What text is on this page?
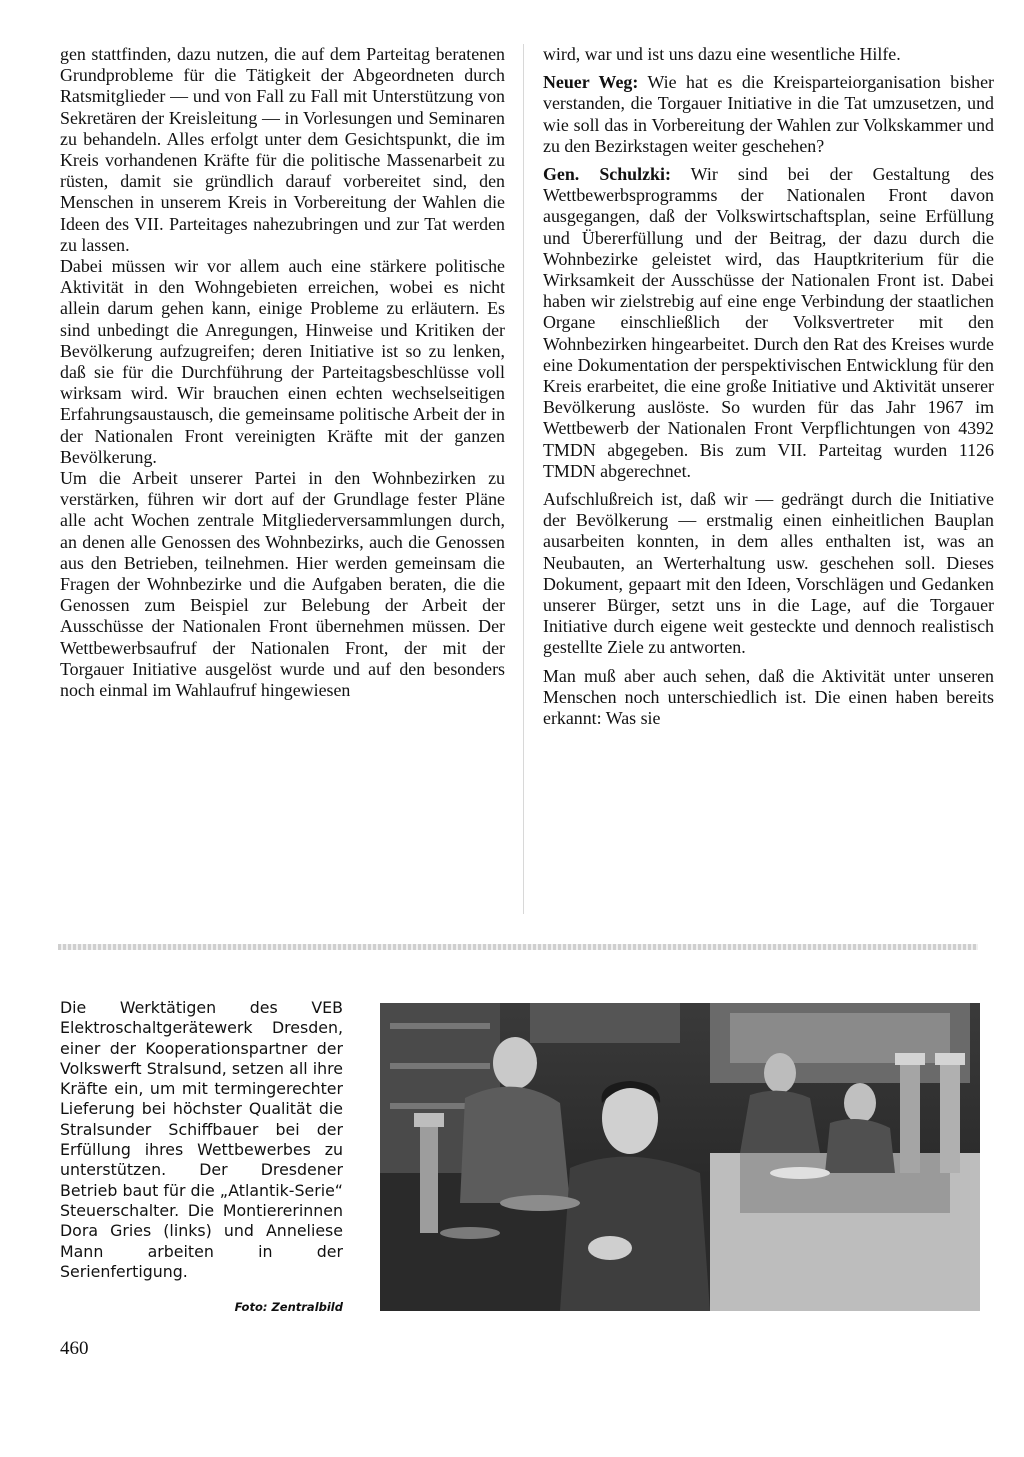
gen stattfinden, dazu nutzen, die auf dem Parteitag beratenen Grundprobleme für die Tätigkeit der Abgeordneten durch Ratsmitglieder — und von Fall zu Fall mit Unterstützung von Sekretären der Kreisleitung — in Vorlesungen und Seminaren zu behandeln. Alles erfolgt unter dem Gesichtspunkt, die im Kreis vorhandenen Kräfte für die politische Massenarbeit zu rüsten, damit sie gründlich darauf vorbereitet sind, den Menschen in unserem Kreis in Vorbereitung der Wahlen die Ideen des VII. Parteitages nahezubringen und zur Tat werden zu lassen.

Dabei müssen wir vor allem auch eine stärkere politische Aktivität in den Wohngebieten erreichen, wobei es nicht allein darum gehen kann, einige Probleme zu erläutern. Es sind unbedingt die Anregungen, Hinweise und Kritiken der Bevölkerung aufzugreifen; deren Initiative ist so zu lenken, daß sie für die Durchführung der Parteitagsbeschlüsse voll wirksam wird. Wir brauchen einen echten wechselseitigen Erfahrungsaustausch, die gemeinsame politische Arbeit der in der Nationalen Front vereinigten Kräfte mit der ganzen Bevölkerung.

Um die Arbeit unserer Partei in den Wohnbezirken zu verstärken, führen wir dort auf der Grundlage fester Pläne alle acht Wochen zentrale Mitgliederversammlungen durch, an denen alle Genossen des Wohnbezirks, auch die Genossen aus den Betrieben, teilnehmen. Hier werden gemeinsam die Fragen der Wohnbezirke und die Aufgaben beraten, die die Genossen zum Beispiel zur Belebung der Arbeit der Ausschüsse der Nationalen Front übernehmen müssen. Der Wettbewerbsaufruf der Nationalen Front, der mit der Torgauer Initiative ausgelöst wurde und auf den besonders noch einmal im Wahlaufruf hingewiesen

wird, war und ist uns dazu eine wesentliche Hilfe.

Neuer Weg: Wie hat es die Kreisparteiorganisation bisher verstanden, die Torgauer Initiative in die Tat umzusetzen, und wie soll das in Vorbereitung der Wahlen zur Volkskammer und zu den Bezirkstagen weiter geschehen?

Gen. Schulzki: Wir sind bei der Gestaltung des Wettbewerbsprogramms der Nationalen Front davon ausgegangen, daß der Volkswirtschaftsplan, seine Erfüllung und Übererfüllung und der Beitrag, der dazu durch die Wohnbezirke geleistet wird, das Hauptkriterium für die Wirksamkeit der Ausschüsse der Nationalen Front ist. Dabei haben wir zielstrebig auf eine enge Verbindung der staatlichen Organe einschließlich der Volksvertreter mit den Wohnbezirken hingearbeitet. Durch den Rat des Kreises wurde eine Dokumentation der perspektivischen Entwicklung für den Kreis erarbeitet, die eine große Initiative und Aktivität unserer Bevölkerung auslöste. So wurden für das Jahr 1967 im Wettbewerb der Nationalen Front Verpflichtungen von 4392 TMDN abgegeben. Bis zum VII. Parteitag wurden 1126 TMDN abgerechnet.

Aufschlußreich ist, daß wir — gedrängt durch die Initiative der Bevölkerung — erstmalig einen einheitlichen Bauplan ausarbeiten konnten, in dem alles enthalten ist, was an Neubauten, an Werterhaltung usw. geschehen soll. Dieses Dokument, gepaart mit den Ideen, Vorschlägen und Gedanken unserer Bürger, setzt uns in die Lage, auf die Torgauer Initiative durch eigene weit gesteckte und dennoch realistisch gestellte Ziele zu antworten.

Man muß aber auch sehen, daß die Aktivität unter unseren Menschen noch unterschiedlich ist. Die einen haben bereits erkannt: Was sie

Die Werktätigen des VEB Elektroschaltgerätewerk Dresden, einer der Kooperationspartner der Volkswerft Stralsund, setzen all ihre Kräfte ein, um mit termingerechter Lieferung bei höchster Qualität die Stralsunder Schiffbauer bei der Erfüllung ihres Wettbewerbes zu unterstützen. Der Dresdener Betrieb baut für die „Atlantik-Serie“ Steuerschalter. Die Montiererinnen Dora Gries (links) und Anneliese Mann arbeiten in der Serienfertigung.
Foto: Zentralbild
460
